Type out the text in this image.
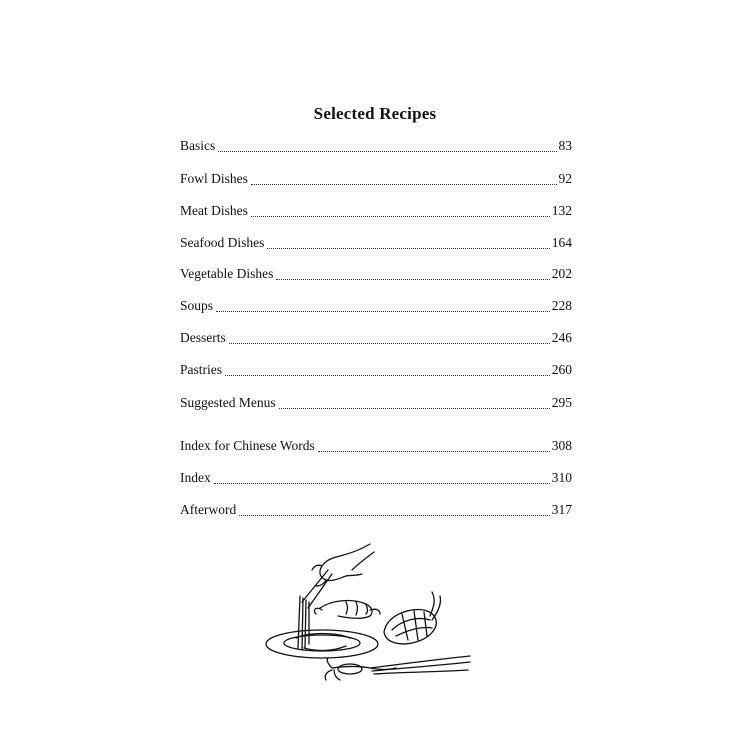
Selected Recipes
Basics	83
Fowl Dishes	92
Meat Dishes	132
Seafood Dishes	164
Vegetable Dishes	202
Soups	228
Desserts	246
Pastries	260
Suggested Menus	295
Index for Chinese Words	308
Index	310
Afterword	317
